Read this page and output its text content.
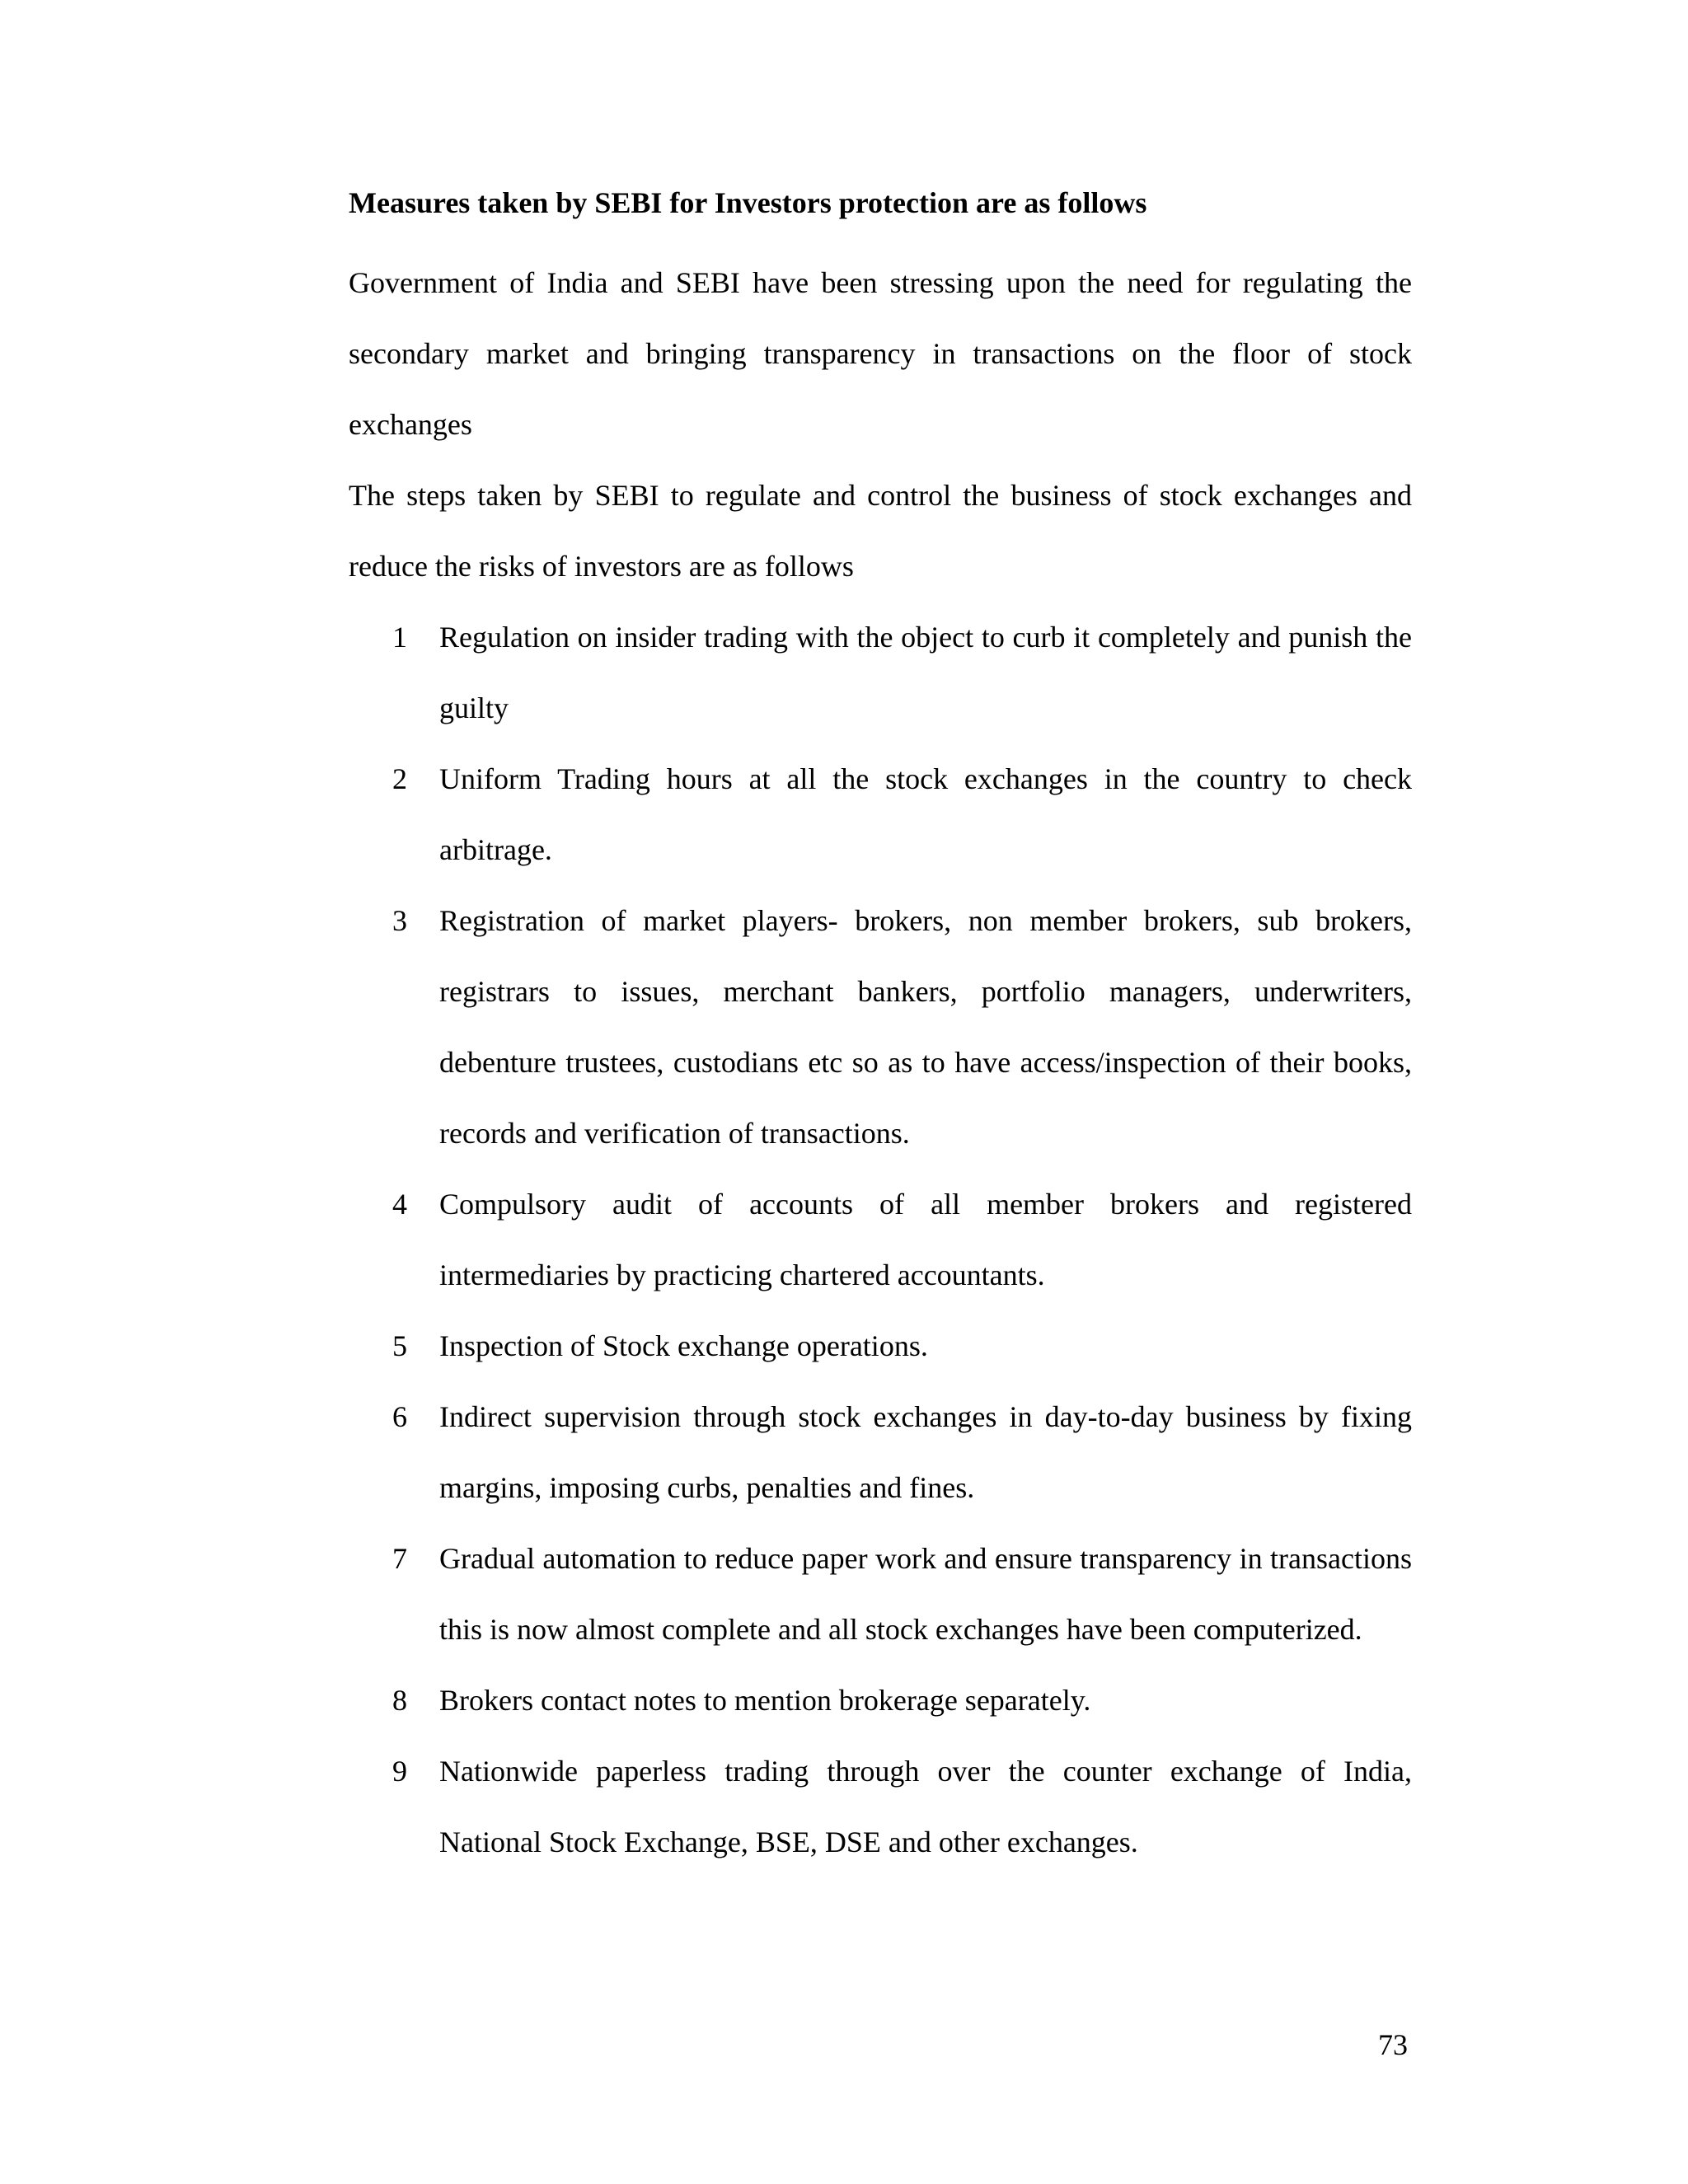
Measures taken by SEBI for Investors protection are as follows

Government of India and SEBI have been stressing upon the need for regulating the secondary market and bringing transparency in transactions on the floor of stock exchanges

The steps taken by SEBI to regulate and control the business of stock exchanges and reduce the risks of investors are as follows

1	Regulation on insider trading with the object to curb it completely and punish the guilty
2	Uniform Trading hours at all the stock exchanges in the country to check arbitrage.
3	Registration of market players- brokers, non member brokers, sub brokers, registrars to issues, merchant bankers, portfolio managers, underwriters, debenture trustees, custodians etc so as to have access/inspection of their books, records and verification of transactions.
4	Compulsory audit of accounts of all member brokers and registered intermediaries by practicing chartered accountants.
5	Inspection of Stock exchange operations.
6	Indirect supervision through stock exchanges in day-to-day business by fixing margins, imposing curbs, penalties and fines.
7	Gradual automation to reduce paper work and ensure transparency in transactions this is now almost complete and all stock exchanges have been computerized.
8	Brokers contact notes to mention brokerage separately.
9	Nationwide paperless trading through over the counter exchange of India, National Stock Exchange, BSE, DSE and other exchanges.
73
